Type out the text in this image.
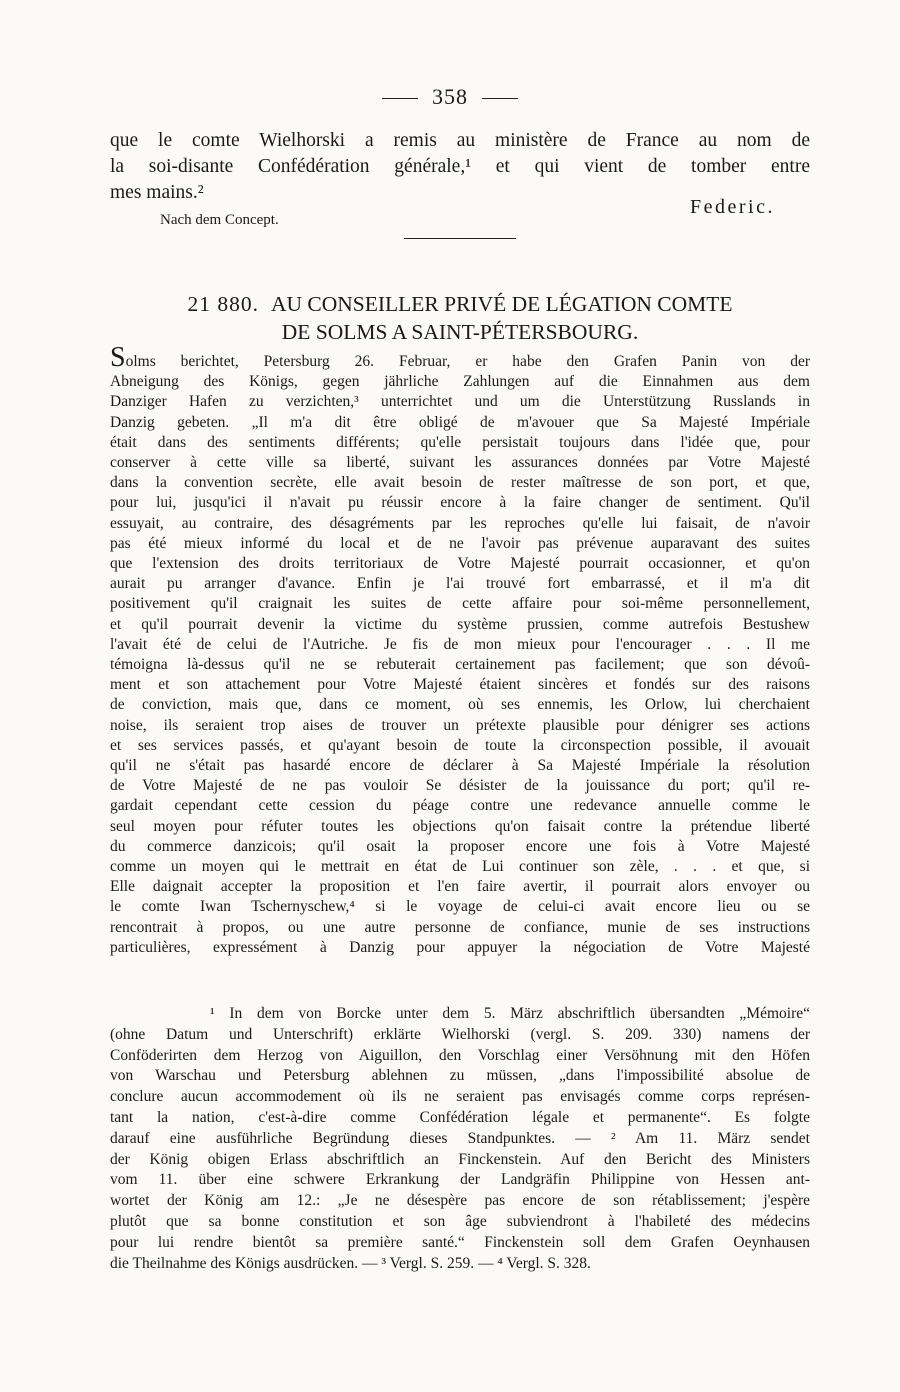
358
que le comte Wielhorski a remis au ministère de France au nom de
la soi-disante Confédération générale,¹ et qui vient de tomber entre
mes mains.²
Federic.
Nach dem Concept.
21 880. AU CONSEILLER PRIVÉ DE LÉGATION COMTE
DE SOLMS A SAINT-PÉTERSBOURG.
Solms berichtet, Petersburg 26. Februar, er habe den Grafen Panin von der
Abneigung des Königs, gegen jährliche Zahlungen auf die Einnahmen aus dem
Danziger Hafen zu verzichten,³ unterrichtet und um die Unterstützung Russlands in
Danzig gebeten. „Il m'a dit être obligé de m'avouer que Sa Majesté Impériale
était dans des sentiments différents; qu'elle persistait toujours dans l'idée que, pour
conserver à cette ville sa liberté, suivant les assurances données par Votre Majesté
dans la convention secrète, elle avait besoin de rester maîtresse de son port, et que,
pour lui, jusqu'ici il n'avait pu réussir encore à la faire changer de sentiment. Qu'il
essuyait, au contraire, des désagréments par les reproches qu'elle lui faisait, de n'avoir
pas été mieux informé du local et de ne l'avoir pas prévenue auparavant des suites
que l'extension des droits territoriaux de Votre Majesté pourrait occasionner, et qu'on
aurait pu arranger d'avance. Enfin je l'ai trouvé fort embarrassé, et il m'a dit
positivement qu'il craignait les suites de cette affaire pour soi-même personnellement,
et qu'il pourrait devenir la victime du système prussien, comme autrefois Bestushew
l'avait été de celui de l'Autriche. Je fis de mon mieux pour l'encourager . . . Il me
témoigna là-dessus qu'il ne se rebuterait certainement pas facilement; que son dévoû-
ment et son attachement pour Votre Majesté étaient sincères et fondés sur des raisons
de conviction, mais que, dans ce moment, où ses ennemis, les Orlow, lui cherchaient
noise, ils seraient trop aises de trouver un prétexte plausible pour dénigrer ses actions
et ses services passés, et qu'ayant besoin de toute la circonspection possible, il avouait
qu'il ne s'était pas hasardé encore de déclarer à Sa Majesté Impériale la résolution
de Votre Majesté de ne pas vouloir Se désister de la jouissance du port; qu'il re-
gardait cependant cette cession du péage contre une redevance annuelle comme le
seul moyen pour réfuter toutes les objections qu'on faisait contre la prétendue liberté
du commerce danzicois; qu'il osait la proposer encore une fois à Votre Majesté
comme un moyen qui le mettrait en état de Lui continuer son zèle, . . . et que, si
Elle daignait accepter la proposition et l'en faire avertir, il pourrait alors envoyer ou
le comte Iwan Tschernyschew,⁴ si le voyage de celui-ci avait encore lieu ou se
rencontrait à propos, ou une autre personne de confiance, munie de ses instructions
particulières, expressément à Danzig pour appuyer la négociation de Votre Majesté
¹ In dem von Borcke unter dem 5. März abschriftlich übersandten „Mémoire“
(ohne Datum und Unterschrift) erklärte Wielhorski (vergl. S. 209. 330) namens der
Conföderirten dem Herzog von Aiguillon, den Vorschlag einer Versöhnung mit den Höfen
von Warschau und Petersburg ablehnen zu müssen, „dans l'impossibilité absolue de
conclure aucun accommodement où ils ne seraient pas envisagés comme corps représen-
tant la nation, c'est-à-dire comme Confédération légale et permanente“. Es folgte
darauf eine ausführliche Begründung dieses Standpunktes. — ² Am 11. März sendet
der König obigen Erlass abschriftlich an Finckenstein. Auf den Bericht des Ministers
vom 11. über eine schwere Erkrankung der Landgräfin Philippine von Hessen ant-
wortet der König am 12.: „Je ne désespère pas encore de son rétablissement; j'espère
plutôt que sa bonne constitution et son âge subviendront à l'habileté des médecins
pour lui rendre bientôt sa première santé.“ Finckenstein soll dem Grafen Oeynhausen
die Theilnahme des Königs ausdrücken. — ³ Vergl. S. 259. — ⁴ Vergl. S. 328.
